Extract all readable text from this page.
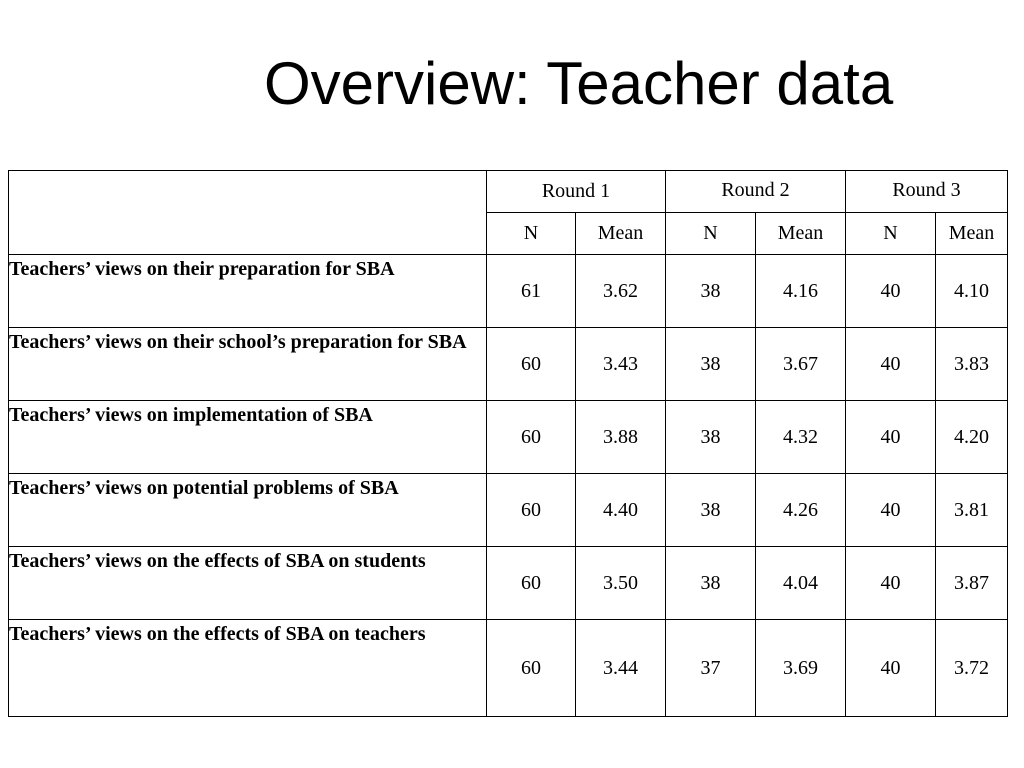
Overview: Teacher data
	Round 1		Round 2		Round 3	
	N	Mean	N	Mean	N	Mean
Teachers’ views on their preparation for SBA	61	3.62	38	4.16	40	4.10
Teachers’ views on their school’s preparation for SBA	60	3.43	38	3.67	40	3.83
Teachers’ views on implementation of SBA	60	3.88	38	4.32	40	4.20
Teachers’ views on potential problems of SBA	60	4.40	38	4.26	40	3.81
Teachers’ views on the effects of SBA on students	60	3.50	38	4.04	40	3.87
Teachers’ views on the effects of SBA on teachers	60	3.44	37	3.69	40	3.72
